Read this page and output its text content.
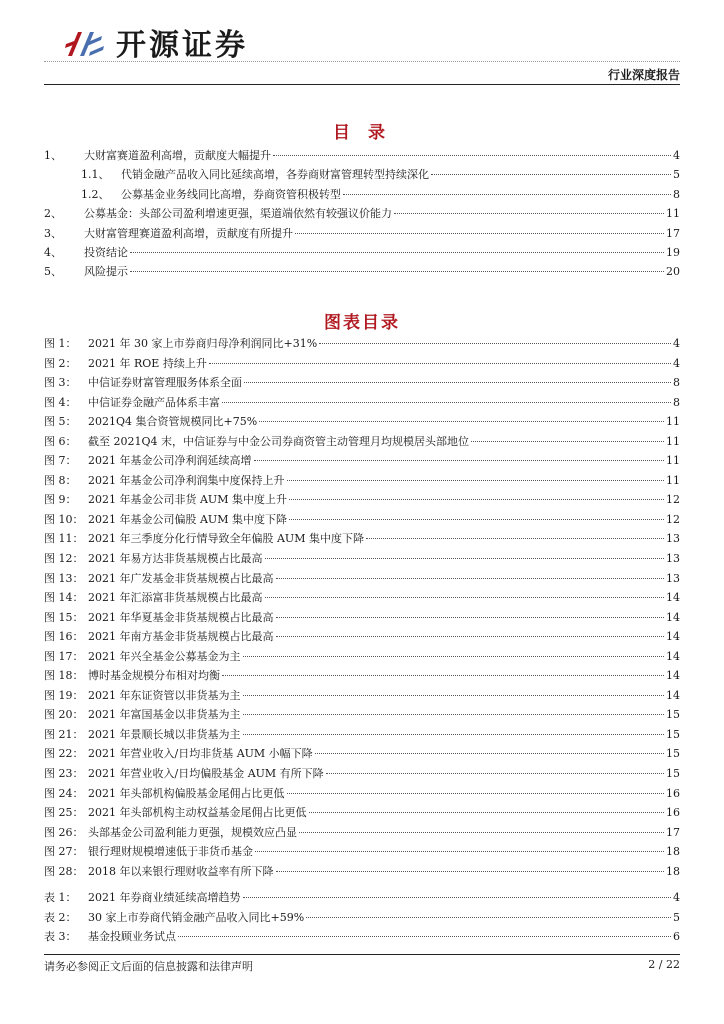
开源证券
行业深度报告
目 录
1、	大财富赛道盈利高增，贡献度大幅提升	4
1.1、	代销金融产品收入同比延续高增，各券商财富管理转型持续深化	5
1.2、	公募基金业务线同比高增，券商资管积极转型	8
2、	公募基金：头部公司盈利增速更强，渠道端依然有较强议价能力	11
3、	大财富管理赛道盈利高增，贡献度有所提升	17
4、	投资结论	19
5、	风险提示	20
图表目录
图 1：	2021 年 30 家上市券商归母净利润同比+31%	4
图 2：	2021 年 ROE 持续上升	4
图 3：	中信证券财富管理服务体系全面	8
图 4：	中信证券金融产品体系丰富	8
图 5：	2021Q4 集合资管规模同比+75%	11
图 6：	截至 2021Q4 末，中信证券与中金公司券商资管主动管理月均规模居头部地位	11
图 7：	2021 年基金公司净利润延续高增	11
图 8：	2021 年基金公司净利润集中度保持上升	11
图 9：	2021 年基金公司非货 AUM 集中度上升	12
图 10： 2021 年基金公司偏股 AUM 集中度下降	12
图 11： 2021 年三季度分化行情导致全年偏股 AUM 集中度下降	13
图 12： 2021 年易方达非货基规模占比最高	13
图 13： 2021 年广发基金非货基规模占比最高	13
图 14： 2021 年汇添富非货基规模占比最高	14
图 15： 2021 年华夏基金非货基规模占比最高	14
图 16： 2021 年南方基金非货基规模占比最高	14
图 17： 2021 年兴全基金公募基金为主	14
图 18： 博时基金规模分布相对均衡	14
图 19： 2021 年东证资管以非货基为主	14
图 20： 2021 年富国基金以非货基为主	15
图 21： 2021 年景顺长城以非货基为主	15
图 22： 2021 年营业收入/日均非货基 AUM 小幅下降	15
图 23： 2021 年营业收入/日均偏股基金 AUM 有所下降	15
图 24： 2021 年头部机构偏股基金尾佣占比更低	16
图 25： 2021 年头部机构主动权益基金尾佣占比更低	16
图 26： 头部基金公司盈利能力更强，规模效应凸显	17
图 27： 银行理财规模增速低于非货币基金	18
图 28： 2018 年以来银行理财收益率有所下降	18
表 1：	2021 年券商业绩延续高增趋势	4
表 2：	30 家上市券商代销金融产品收入同比+59%	5
表 3：	基金投顾业务试点	6
请务必参阅正文后面的信息披露和法律声明	2 / 22
